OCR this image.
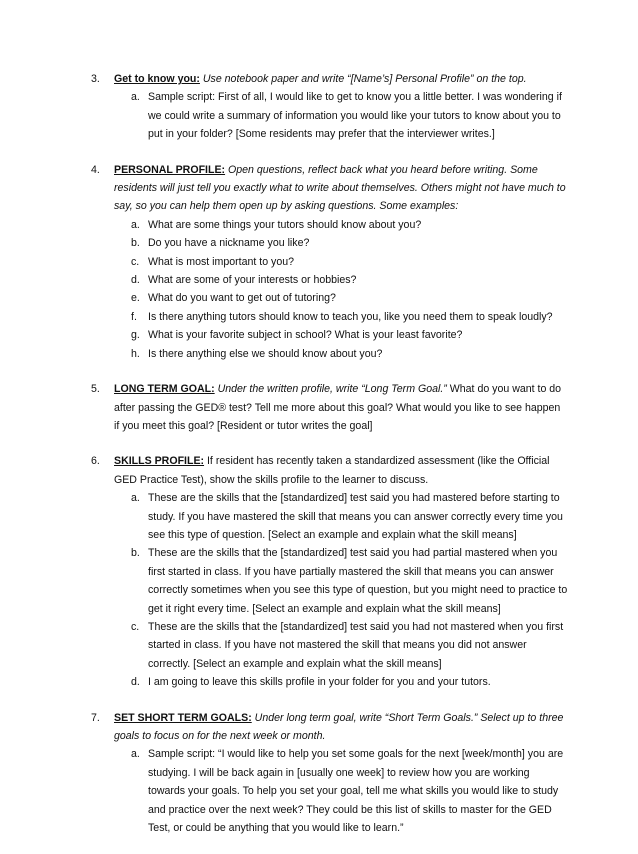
3. Get to know you: Use notebook paper and write “[Name’s] Personal Profile” on the top.
a. Sample script: First of all, I would like to get to know you a little better. I was wondering if we could write a summary of information you would like your tutors to know about you to put in your folder? [Some residents may prefer that the interviewer writes.]
4. PERSONAL PROFILE: Open questions, reflect back what you heard before writing. Some residents will just tell you exactly what to write about themselves. Others might not have much to say, so you can help them open up by asking questions. Some examples:
a. What are some things your tutors should know about you?
b. Do you have a nickname you like?
c. What is most important to you?
d. What are some of your interests or hobbies?
e. What do you want to get out of tutoring?
f. Is there anything tutors should know to teach you, like you need them to speak loudly?
g. What is your favorite subject in school? What is your least favorite?
h. Is there anything else we should know about you?
5. LONG TERM GOAL: Under the written profile, write “Long Term Goal.” What do you want to do after passing the GED® test? Tell me more about this goal? What would you like to see happen if you meet this goal? [Resident or tutor writes the goal]
6. SKILLS PROFILE: If resident has recently taken a standardized assessment (like the Official GED Practice Test), show the skills profile to the learner to discuss.
a. These are the skills that the [standardized] test said you had mastered before starting to study. If you have mastered the skill that means you can answer correctly every time you see this type of question. [Select an example and explain what the skill means]
b. These are the skills that the [standardized] test said you had partial mastered when you first started in class. If you have partially mastered the skill that means you can answer correctly sometimes when you see this type of question, but you might need to practice to get it right every time. [Select an example and explain what the skill means]
c. These are the skills that the [standardized] test said you had not mastered when you first started in class. If you have not mastered the skill that means you did not answer correctly. [Select an example and explain what the skill means]
d. I am going to leave this skills profile in your folder for you and your tutors.
7. SET SHORT TERM GOALS: Under long term goal, write “Short Term Goals.” Select up to three goals to focus on for the next week or month.
a. Sample script: “I would like to help you set some goals for the next [week/month] you are studying. I will be back again in [usually one week] to review how you are working towards your goals. To help you set your goal, tell me what skills you would like to study and practice over the next week? They could be this list of skills to master for the GED Test, or could be anything that you would like to learn.”
